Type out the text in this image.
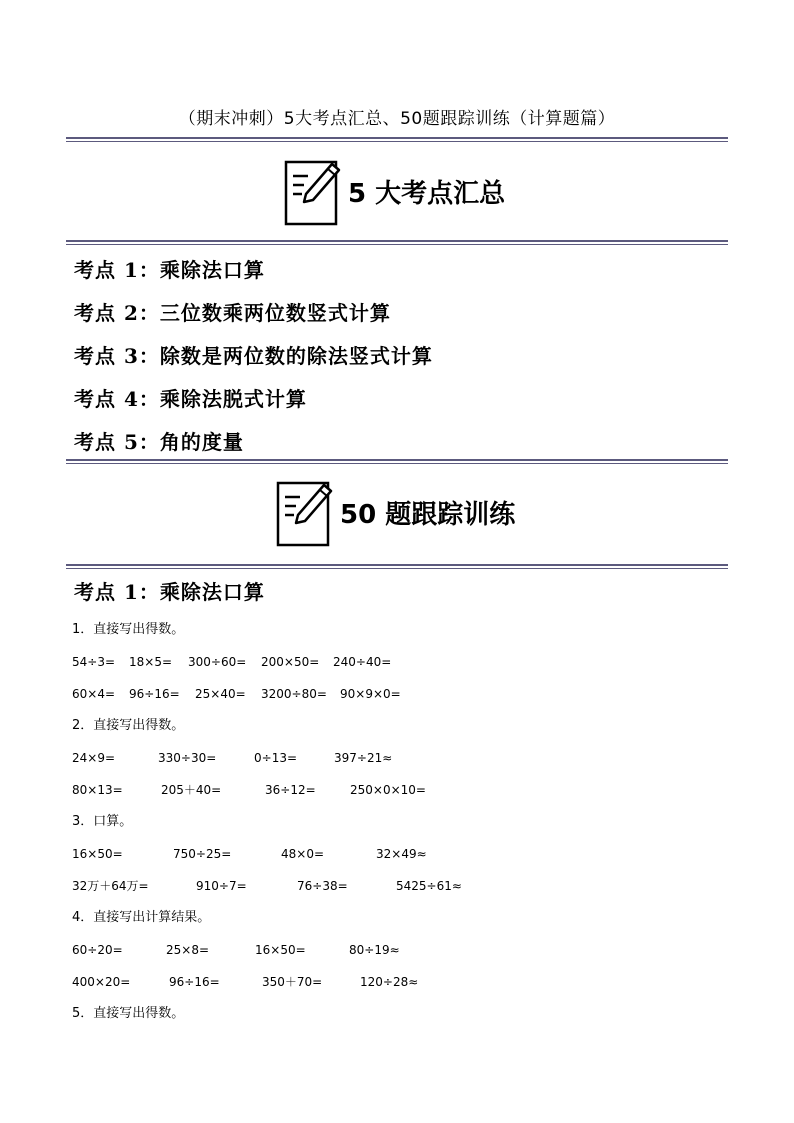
（期末冲刺）5大考点汇总、50题跟踪训练（计算题篇）
5 大考点汇总
考点 1：乘除法口算
考点 2：三位数乘两位数竖式计算
考点 3：除数是两位数的除法竖式计算
考点 4：乘除法脱式计算
考点 5：角的度量
50 题跟踪训练
考点 1：乘除法口算
1．直接写出得数。
54÷3= 18×5= 300÷60= 200×50= 240÷40=
60×4= 96÷16= 25×40= 3200÷80= 90×9×0=
2．直接写出得数。
24×9=	330÷30=	0÷13=	397÷21≈
80×13=	205＋40=	36÷12=	250×0×10=
3．口算。
16×50=	750÷25=	48×0=	32×49≈
32万＋64万=	910÷7=	76÷38=	5425÷61≈
4．直接写出计算结果。
60÷20=	25×8=	16×50=	80÷19≈
400×20=	96÷16=	350＋70=	120÷28≈
5．直接写出得数。
